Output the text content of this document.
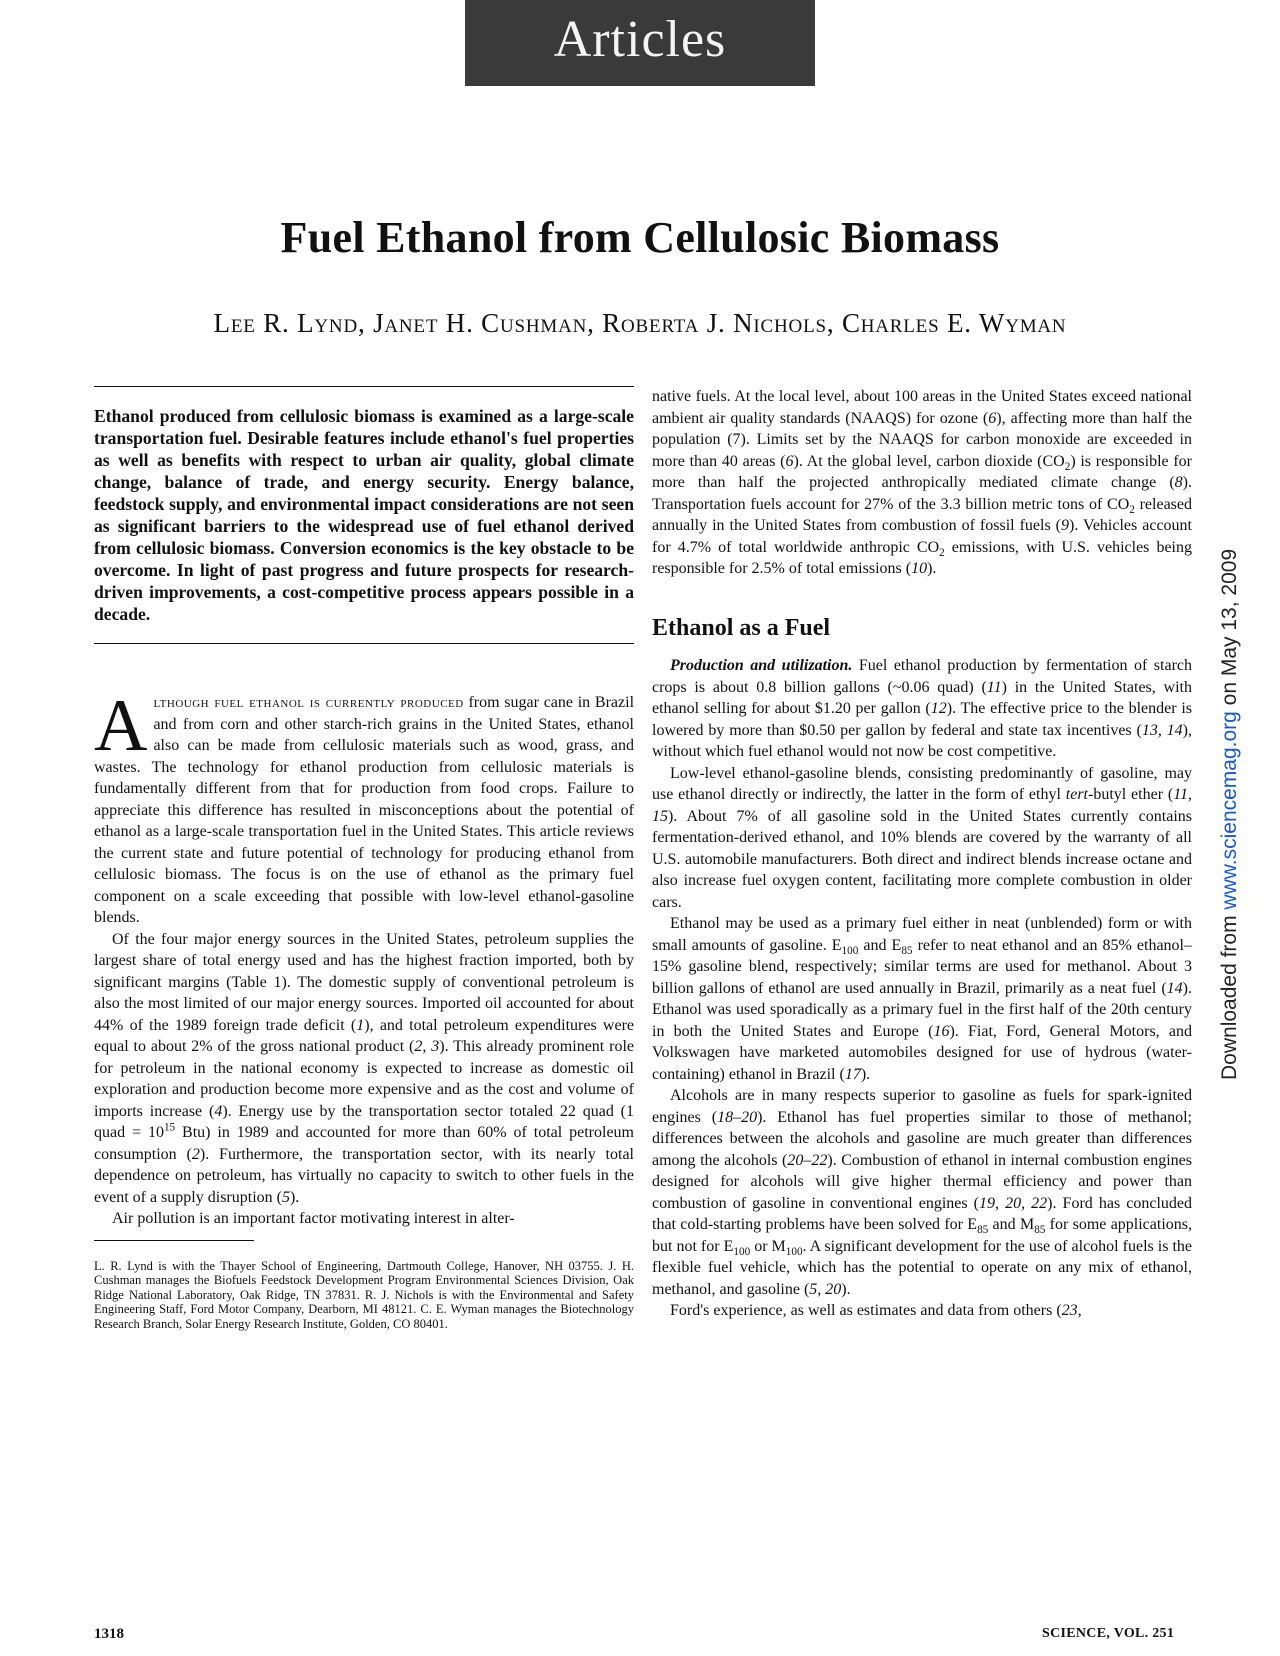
Articles
Fuel Ethanol from Cellulosic Biomass
Lee R. Lynd, Janet H. Cushman, Roberta J. Nichols, Charles E. Wyman
Ethanol produced from cellulosic biomass is examined as a large-scale transportation fuel. Desirable features include ethanol's fuel properties as well as benefits with respect to urban air quality, global climate change, balance of trade, and energy security. Energy balance, feedstock supply, and environmental impact considerations are not seen as significant barriers to the widespread use of fuel ethanol derived from cellulosic biomass. Conversion economics is the key obstacle to be overcome. In light of past progress and future prospects for research-driven improvements, a cost-competitive process appears possible in a decade.

Although fuel ethanol is currently produced from sugar cane in Brazil and from corn and other starch-rich grains in the United States, ethanol also can be made from cellulosic materials such as wood, grass, and wastes. The technology for ethanol production from cellulosic materials is fundamentally different from that for production from food crops. Failure to appreciate this difference has resulted in misconceptions about the potential of ethanol as a large-scale transportation fuel in the United States. This article reviews the current state and future potential of technology for producing ethanol from cellulosic biomass. The focus is on the use of ethanol as the primary fuel component on a scale exceeding that possible with low-level ethanol-gasoline blends.

Of the four major energy sources in the United States, petroleum supplies the largest share of total energy used and has the highest fraction imported, both by significant margins (Table 1). The domestic supply of conventional petroleum is also the most limited of our major energy sources. Imported oil accounted for about 44% of the 1989 foreign trade deficit (1), and total petroleum expenditures were equal to about 2% of the gross national product (2, 3). This already prominent role for petroleum in the national economy is expected to increase as domestic oil exploration and production become more expensive and as the cost and volume of imports increase (4). Energy use by the transportation sector totaled 22 quad (1 quad = $10^{15}$ Btu) in 1989 and accounted for more than 60% of total petroleum consumption (2). Furthermore, the transportation sector, with its nearly total dependence on petroleum, has virtually no capacity to switch to other fuels in the event of a supply disruption (5).

Air pollution is an important factor motivating interest in alter-

L. R. Lynd is with the Thayer School of Engineering, Dartmouth College, Hanover, NH 03755. J. H. Cushman manages the Biofuels Feedstock Development Program Environmental Sciences Division, Oak Ridge National Laboratory, Oak Ridge, TN 37831. R. J. Nichols is with the Environmental and Safety Engineering Staff, Ford Motor Company, Dearborn, MI 48121. C. E. Wyman manages the Biotechnology Research Branch, Solar Energy Research Institute, Golden, CO 80401.

native fuels. At the local level, about 100 areas in the United States exceed national ambient air quality standards (NAAQS) for ozone (6), affecting more than half the population (7). Limits set by the NAAQS for carbon monoxide are exceeded in more than 40 areas (6). At the global level, carbon dioxide $(CO_2)$ is responsible for more than half the projected anthropically mediated climate change (8). Transportation fuels account for 27% of the 3.3 billion metric tons of $CO_2$ released annually in the United States from combustion of fossil fuels (9). Vehicles account for 4.7% of total worldwide anthropic $CO_2$ emissions, with U.S. vehicles being responsible for 2.5% of total emissions (10).

Ethanol as a Fuel

Production and utilization. Fuel ethanol production by fermentation of starch crops is about 0.8 billion gallons (~0.06 quad) (11) in the United States, with ethanol selling for about $1.20 per gallon (12). The effective price to the blender is lowered by more than $0.50 per gallon by federal and state tax incentives (13, 14), without which fuel ethanol would not now be cost competitive.

Low-level ethanol-gasoline blends, consisting predominantly of gasoline, may use ethanol directly or indirectly, the latter in the form of ethyl tert-butyl ether (11, 15). About 7% of all gasoline sold in the United States currently contains fermentation-derived ethanol, and 10% blends are covered by the warranty of all U.S. automobile manufacturers. Both direct and indirect blends increase octane and also increase fuel oxygen content, facilitating more complete combustion in older cars.

Ethanol may be used as a primary fuel either in neat (unblended) form or with small amounts of gasoline. $E_{100}$ and $E_{85}$ refer to neat ethanol and an 85% ethanol–15% gasoline blend, respectively; similar terms are used for methanol. About 3 billion gallons of ethanol are used annually in Brazil, primarily as a neat fuel (14). Ethanol was used sporadically as a primary fuel in the first half of the 20th century in both the United States and Europe (16). Fiat, Ford, General Motors, and Volkswagen have marketed automobiles designed for use of hydrous (water-containing) ethanol in Brazil (17).

Alcohols are in many respects superior to gasoline as fuels for spark-ignited engines (18–20). Ethanol has fuel properties similar to those of methanol; differences between the alcohols and gasoline are much greater than differences among the alcohols (20–22). Combustion of ethanol in internal combustion engines designed for alcohols will give higher thermal efficiency and power than combustion of gasoline in conventional engines (19, 20, 22). Ford has concluded that cold-starting problems have been solved for $E_{85}$ and $M_{85}$ for some applications, but not for $E_{100}$ or $M_{100}$. A significant development for the use of alcohol fuels is the flexible fuel vehicle, which has the potential to operate on any mix of ethanol, methanol, and gasoline (5, 20).

Ford's experience, as well as estimates and data from others (23,

1318	SCIENCE, VOL. 251
Downloaded from www.sciencemag.org on May 13, 2009
